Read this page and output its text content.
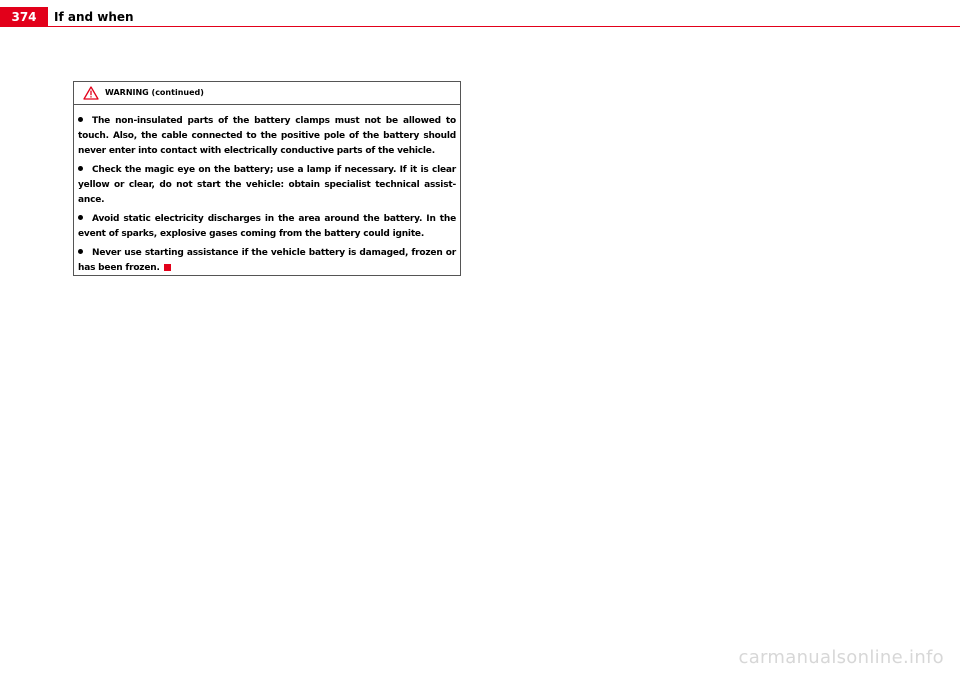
374	If and when
WARNING (continued)
The non-insulated parts of the battery clamps must not be allowed to touch. Also, the cable connected to the positive pole of the battery should never enter into contact with electrically conductive parts of the vehicle.
Check the magic eye on the battery; use a lamp if necessary. If it is clear yellow or clear, do not start the vehicle: obtain specialist technical assist-ance.
Avoid static electricity discharges in the area around the battery. In the event of sparks, explosive gases coming from the battery could ignite.
Never use starting assistance if the vehicle battery is damaged, frozen or has been frozen.
carmanualsonline.info
